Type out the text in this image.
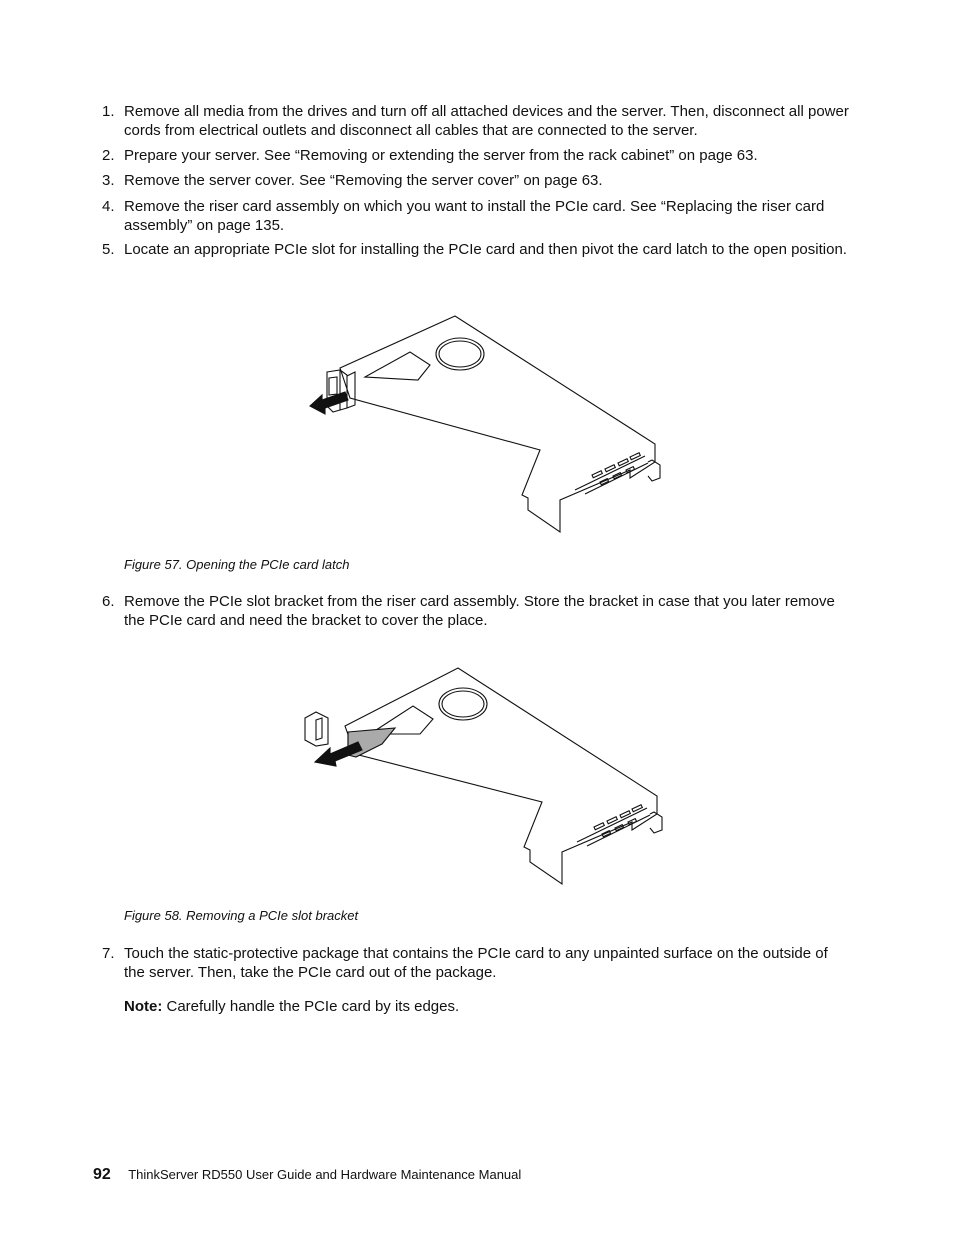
1. Remove all media from the drives and turn off all attached devices and the server. Then, disconnect all power cords from electrical outlets and disconnect all cables that are connected to the server.
2. Prepare your server. See “Removing or extending the server from the rack cabinet” on page 63.
3. Remove the server cover. See “Removing the server cover” on page 63.
4. Remove the riser card assembly on which you want to install the PCIe card. See “Replacing the riser card assembly” on page 135.
5. Locate an appropriate PCIe slot for installing the PCIe card and then pivot the card latch to the open position.
Figure 57. Opening the PCIe card latch
6. Remove the PCIe slot bracket from the riser card assembly. Store the bracket in case that you later remove the PCIe card and need the bracket to cover the place.
Figure 58. Removing a PCIe slot bracket
7. Touch the static-protective package that contains the PCIe card to any unpainted surface on the outside of the server. Then, take the PCIe card out of the package.
Note: Carefully handle the PCIe card by its edges.
92 ThinkServer RD550 User Guide and Hardware Maintenance Manual
